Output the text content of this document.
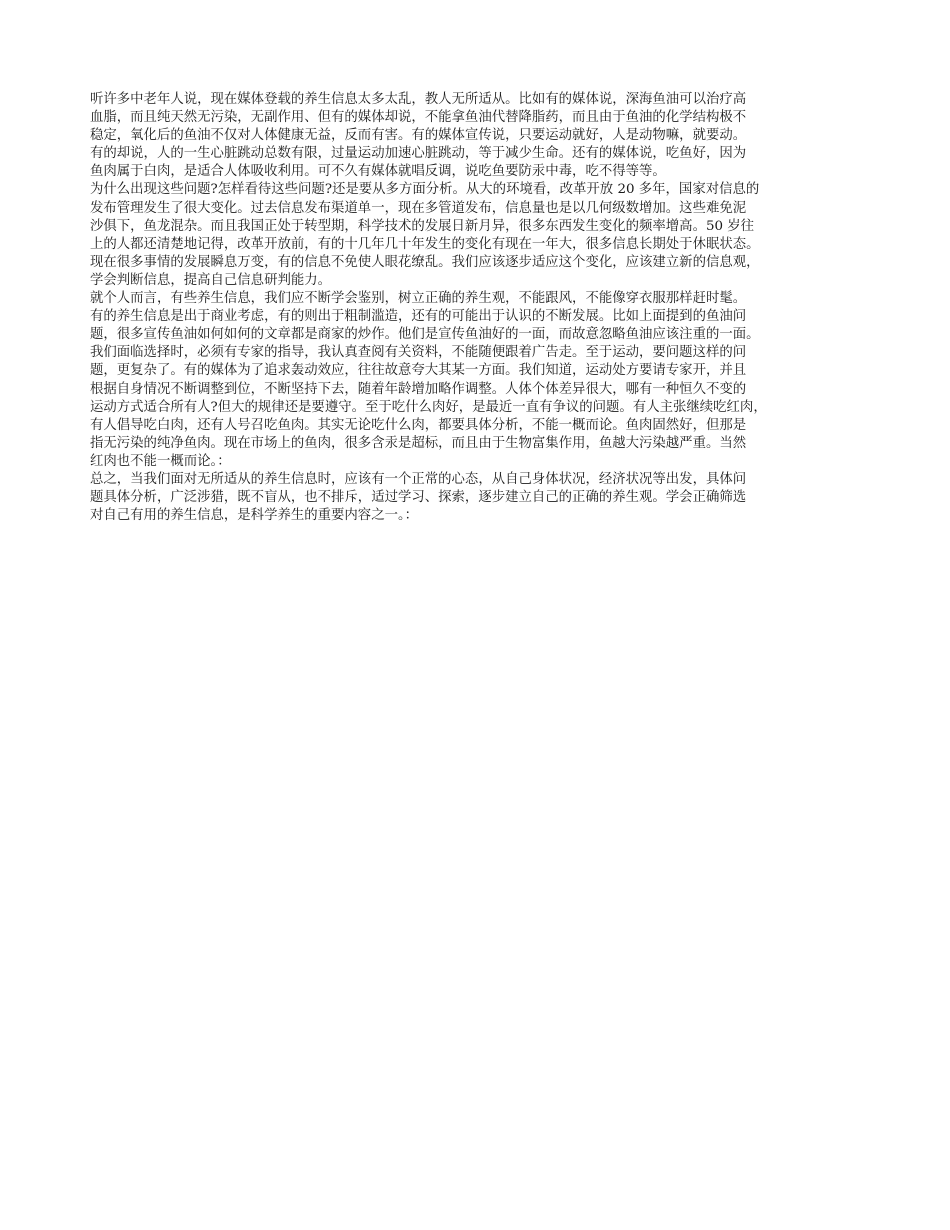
听许多中老年人说，现在媒体登载的养生信息太多太乱，教人无所适从。比如有的媒体说，深海鱼油可以治疗高
血脂，而且纯天然无污染，无副作用、但有的媒体却说，不能拿鱼油代替降脂药，而且由于鱼油的化学结构极不
稳定，氧化后的鱼油不仅对人体健康无益，反而有害。有的媒体宣传说，只要运动就好，人是动物嘛，就要动。
有的却说，人的一生心脏跳动总数有限，过量运动加速心脏跳动，等于减少生命。还有的媒体说，吃鱼好，因为
鱼肉属于白肉，是适合人体吸收利用。可不久有媒体就唱反调，说吃鱼要防汞中毒，吃不得等等。
为什么出现这些问题?怎样看待这些问题?还是要从多方面分析。从大的环境看，改革开放 20 多年，国家对信息的
发布管理发生了很大变化。过去信息发布渠道单一，现在多管道发布，信息量也是以几何级数增加。这些难免泥
沙俱下，鱼龙混杂。而且我国正处于转型期，科学技术的发展日新月异，很多东西发生变化的频率增高。50 岁往
上的人都还清楚地记得，改革开放前，有的十几年几十年发生的变化有现在一年大，很多信息长期处于休眠状态。
现在很多事情的发展瞬息万变，有的信息不免使人眼花缭乱。我们应该逐步适应这个变化，应该建立新的信息观，
学会判断信息，提高自己信息研判能力。
就个人而言，有些养生信息，我们应不断学会鉴别，树立正确的养生观，不能跟风，不能像穿衣服那样赶时髦。
有的养生信息是出于商业考虑，有的则出于粗制滥造，还有的可能出于认识的不断发展。比如上面提到的鱼油问
题，很多宣传鱼油如何如何的文章都是商家的炒作。他们是宣传鱼油好的一面，而故意忽略鱼油应该注重的一面。
我们面临选择时，必须有专家的指导，我认真查阅有关资料，不能随便跟着广告走。至于运动，要问题这样的问
题，更复杂了。有的媒体为了追求轰动效应，往往故意夸大其某一方面。我们知道，运动处方要请专家开，并且
根据自身情况不断调整到位，不断坚持下去，随着年龄增加略作调整。人体个体差异很大，哪有一种恒久不变的
运动方式适合所有人?但大的规律还是要遵守。至于吃什么肉好，是最近一直有争议的问题。有人主张继续吃红肉，
有人倡导吃白肉，还有人号召吃鱼肉。其实无论吃什么肉，都要具体分析，不能一概而论。鱼肉固然好，但那是
指无污染的纯净鱼肉。现在市场上的鱼肉，很多含汞是超标，而且由于生物富集作用，鱼越大污染越严重。当然
红肉也不能一概而论。：
总之，当我们面对无所适从的养生信息时，应该有一个正常的心态，从自己身体状况，经济状况等出发，具体问
题具体分析，广泛涉猎，既不盲从，也不排斥，适过学习、探索，逐步建立自己的正确的养生观。学会正确筛选
对自己有用的养生信息，是科学养生的重要内容之一。：
